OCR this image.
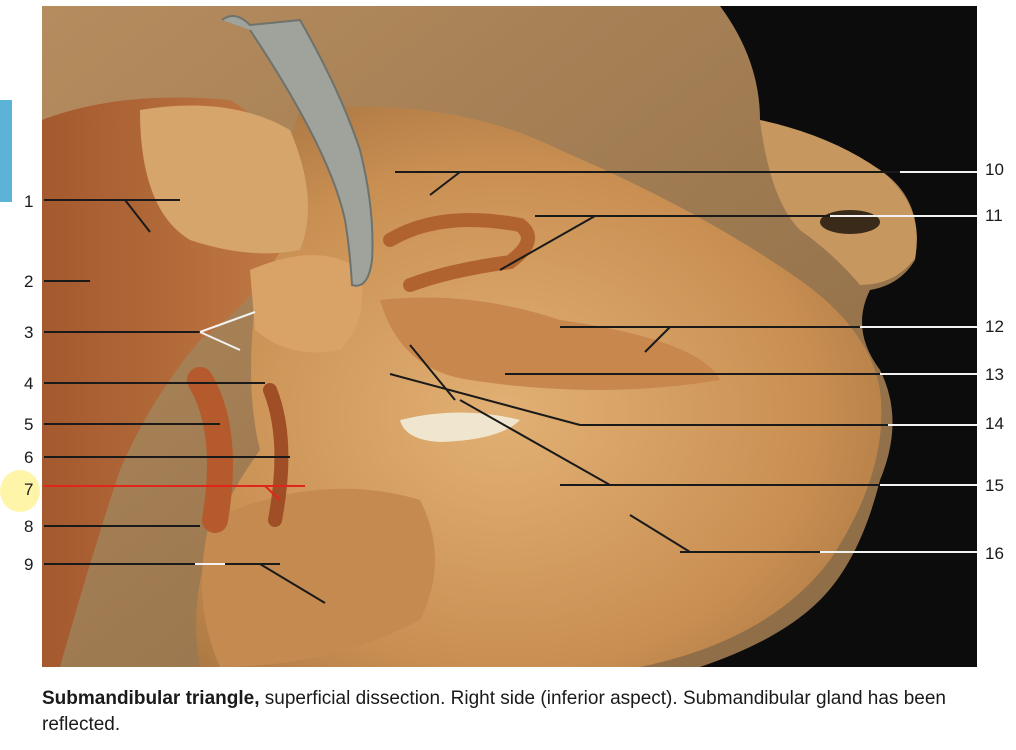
1
2
3
4
5
6
7
8
9
10
11
12
13
14
15
16
Submandibular triangle, superficial dissection. Right side (inferior aspect). Submandibular gland has been reflected.
